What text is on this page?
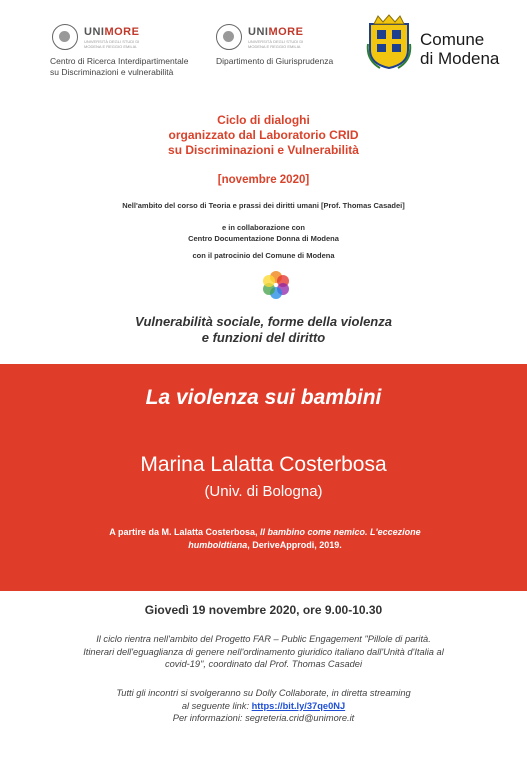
UNIMORE
UNIVERSITÀ DEGLI STUDI DI MODENA E REGGIO EMILIA
Centro di Ricerca Interdipartimentale
su Discriminazioni e vulnerabilità
UNIMORE
UNIVERSITÀ DEGLI STUDI DI MODENA E REGGIO EMILIA
Dipartimento di Giurisprudenza
Comune
di Modena
Ciclo di dialoghi
organizzato dal Laboratorio CRID
su Discriminazioni e Vulnerabilità
[novembre 2020]
Nell'ambito del corso di Teoria e prassi dei diritti umani [Prof. Thomas Casadei]
e in collaborazione con
Centro Documentazione Donna di Modena
con il patrocinio del Comune di Modena
Vulnerabilità sociale, forme della violenza
e funzioni del diritto
La violenza sui bambini
Marina Lalatta Costerbosa
(Univ. di Bologna)
A partire da M. Lalatta Costerbosa, Il bambino come nemico. L'eccezione
humboldtiana, DeriveApprodi, 2019.
Giovedì 19 novembre 2020, ore 9.00-10.30
Il ciclo rientra nell'ambito del Progetto FAR – Public Engagement "Pillole di parità.
Itinerari dell'eguaglianza di genere nell'ordinamento giuridico italiano dall'Unità d'Italia al
covid-19", coordinato dal Prof. Thomas Casadei
Tutti gli incontri si svolgeranno su Dolly Collaborate, in diretta streaming
al seguente link: https://bit.ly/37qe0NJ
Per informazioni: segreteria.crid@unimore.it
